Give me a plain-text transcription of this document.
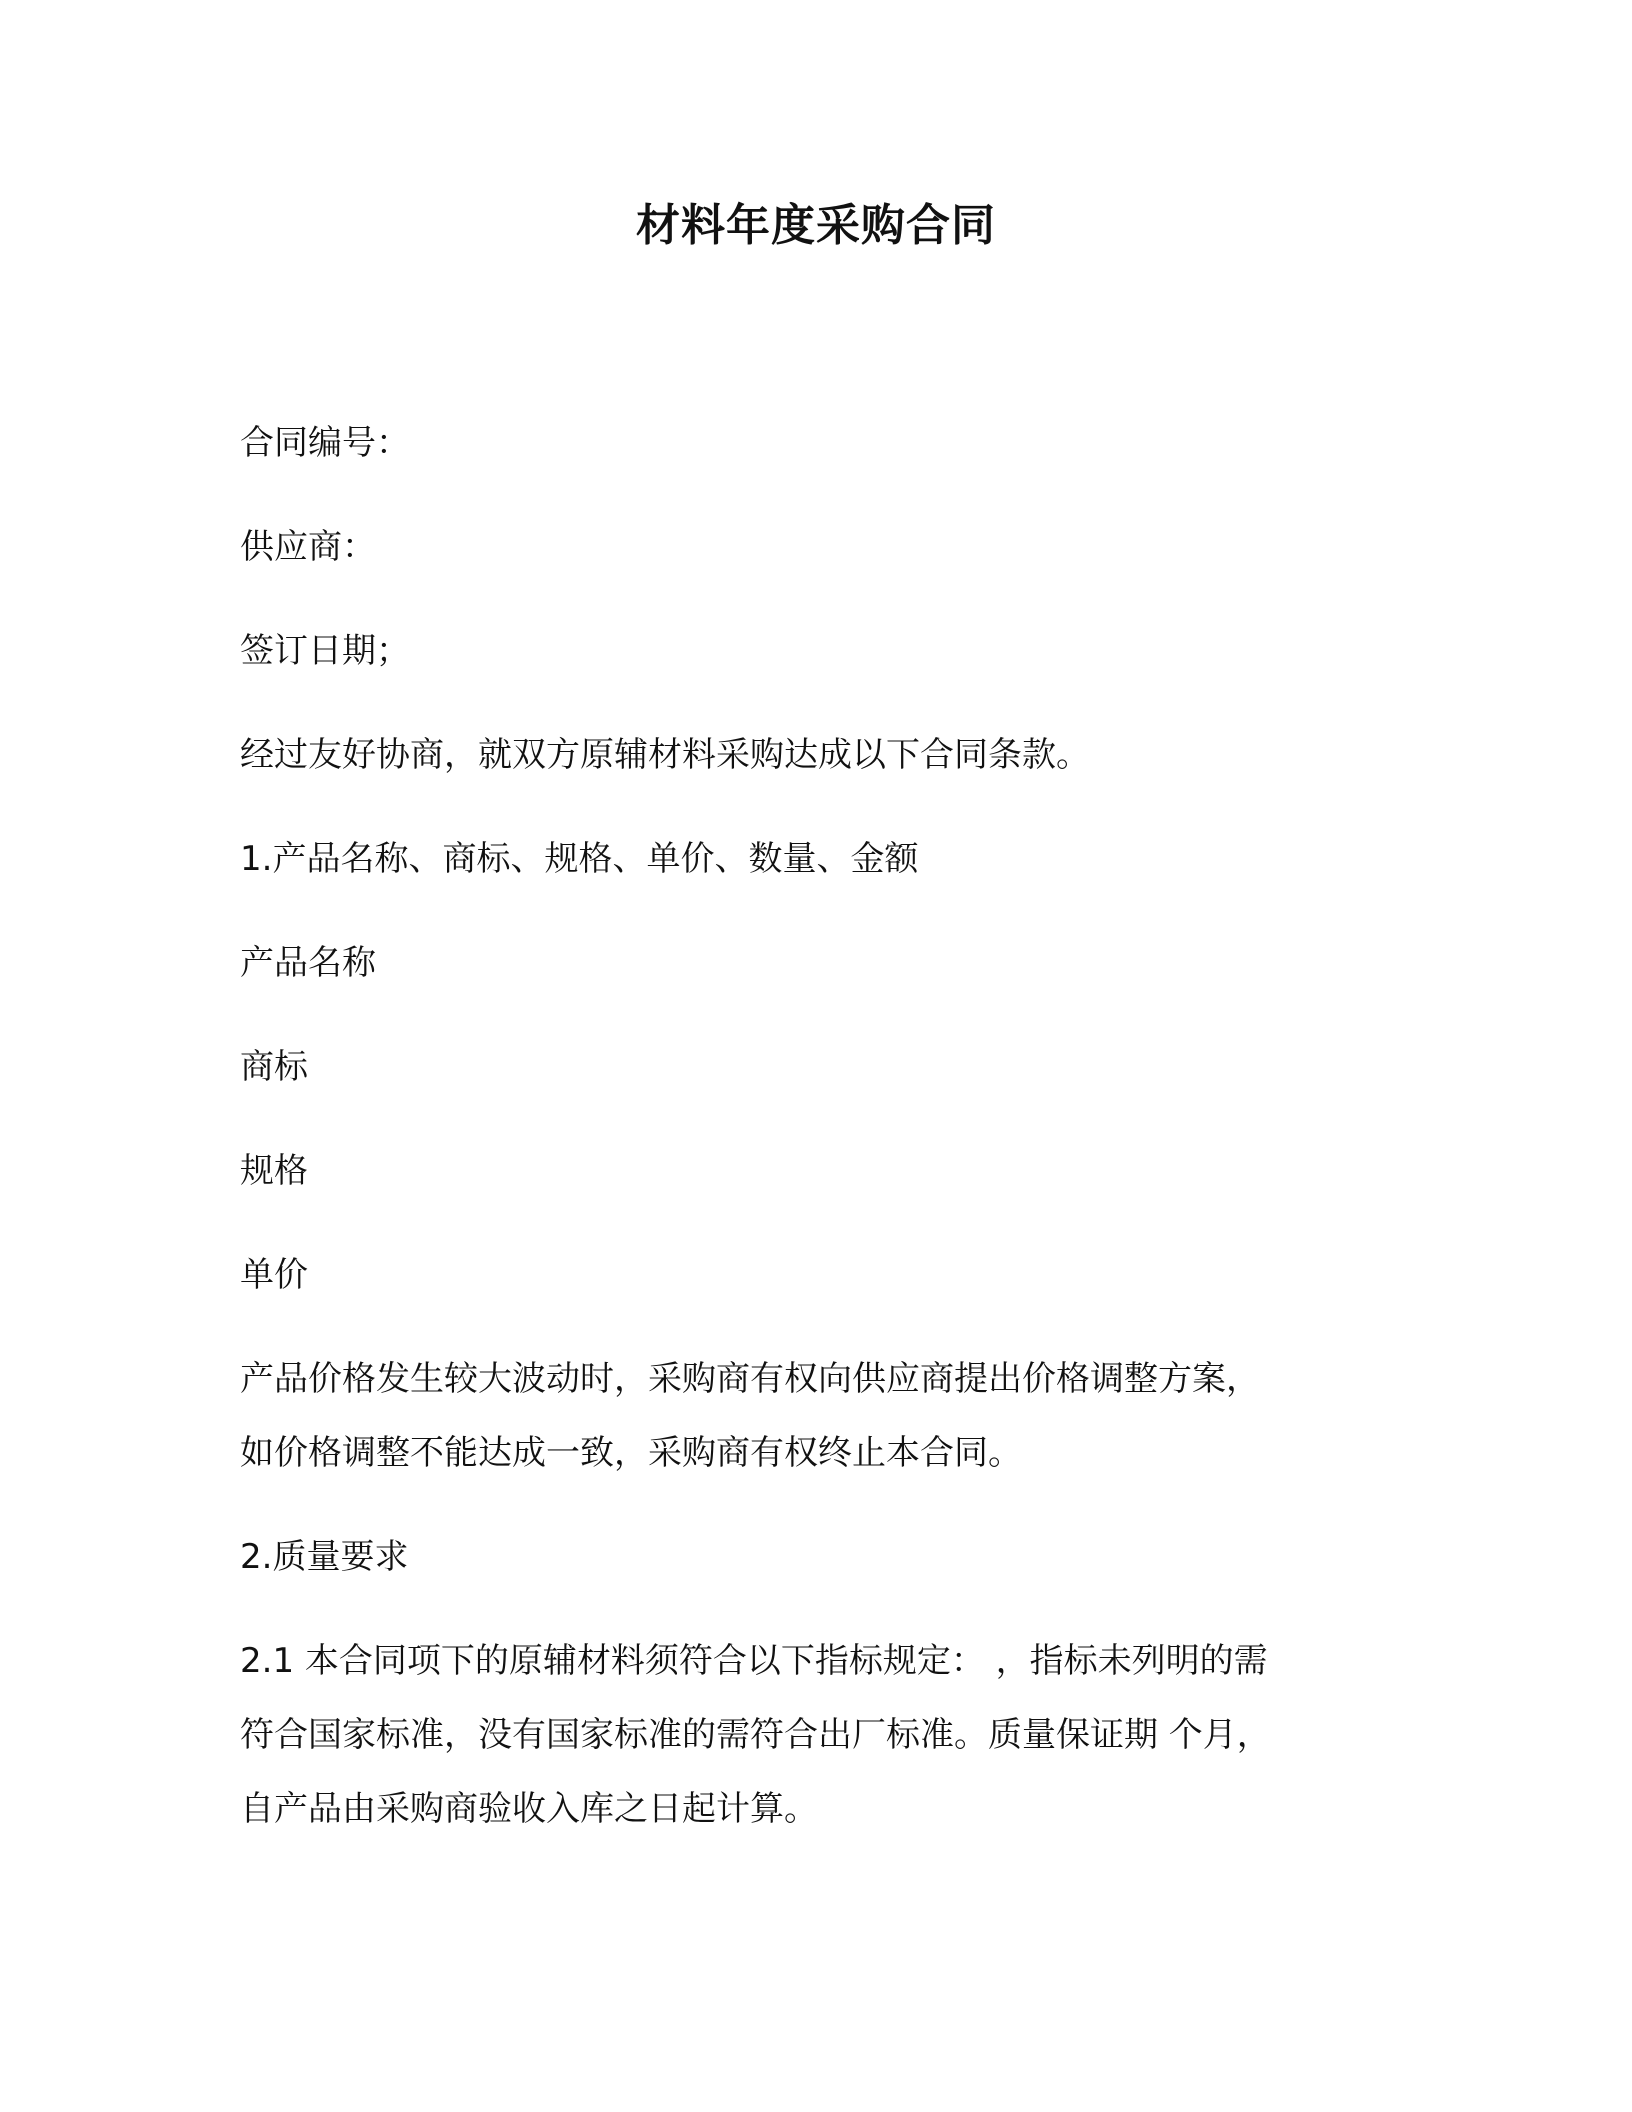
材料年度采购合同

合同编号：

供应商：

签订日期；

经过友好协商，就双方原辅材料采购达成以下合同条款。

1.产品名称、商标、规格、单价、数量、金额

产品名称

商标

规格

单价

产品价格发生较大波动时，采购商有权向供应商提出价格调整方案，

如价格调整不能达成一致，采购商有权终止本合同。

2.质量要求

2.1 本合同项下的原辅材料须符合以下指标规定： ，指标未列明的需

符合国家标准，没有国家标准的需符合出厂标准。质量保证期 个月，

自产品由采购商验收入库之日起计算。
